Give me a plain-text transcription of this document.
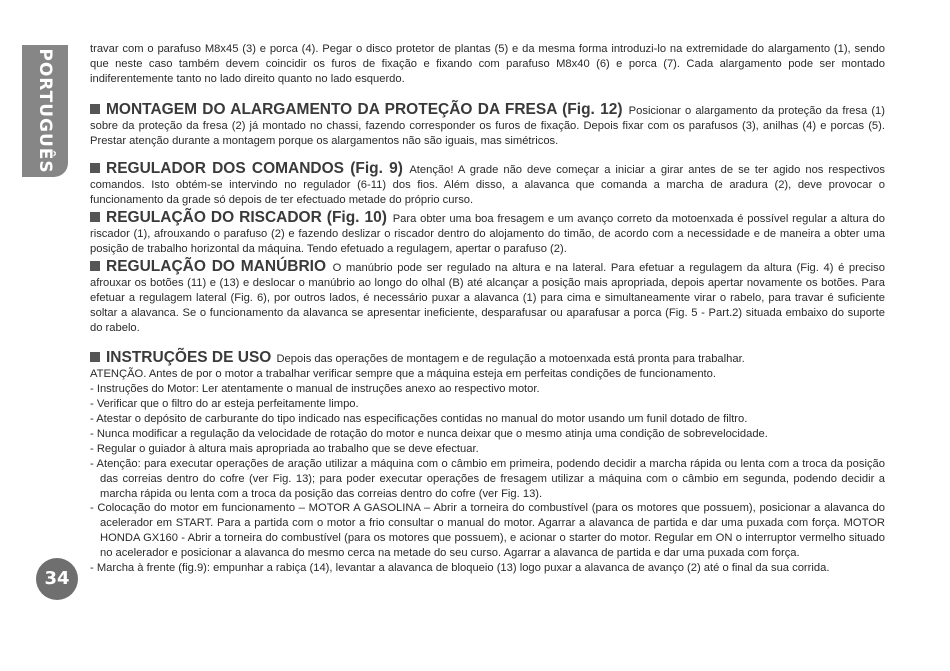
PORTUGUÊS
34

travar com o parafuso M8x45 (3) e porca (4). Pegar o disco protetor de plantas (5) e da mesma forma introduzi-lo na extremidade do alargamento (1), sendo que neste caso também devem coincidir os furos de fixação e fixando com parafuso M8x40 (6) e porca (7). Cada alargamento pode ser montado indiferentemente tanto no lado direito quanto no lado esquerdo.

MONTAGEM DO ALARGAMENTO DA PROTEÇÃO DA FRESA (Fig. 12) Posicionar o alargamento da proteção da fresa (1) sobre da proteção da fresa (2) já montado no chassi, fazendo corresponder os furos de fixação. Depois fixar com os parafusos (3), anilhas (4) e porcas (5). Prestar atenção durante a montagem porque os alargamentos não são iguais, mas simétricos.

REGULADOR DOS COMANDOS (Fig. 9) Atenção! A grade não deve começar a iniciar a girar antes de se ter agido nos respectivos comandos. Isto obtém-se intervindo no regulador (6-11) dos fios. Além disso, a alavanca que comanda a marcha de aradura (2), deve provocar o funcionamento da grade só depois de ter efectuado metade do próprio curso.

REGULAÇÃO DO RISCADOR (Fig. 10) Para obter uma boa fresagem e um avanço correto da motoenxada é possível regular a altura do riscador (1), afrouxando o parafuso (2) e fazendo deslizar o riscador dentro do alojamento do timão, de acordo com a necessidade e de maneira a obter uma posição de trabalho horizontal da máquina. Tendo efetuado a regulagem, apertar o parafuso (2).

REGULAÇÃO DO MANÚBRIO O manúbrio pode ser regulado na altura e na lateral. Para efetuar a regulagem da altura (Fig. 4) é preciso afrouxar os botões (11) e (13) e deslocar o manúbrio ao longo do olhal (B) até alcançar a posição mais apropriada, depois apertar novamente os botões. Para efetuar a regulagem lateral (Fig. 6), por outros lados, é necessário puxar a alavanca (1) para cima e simultaneamente virar o rabelo, para travar é suficiente soltar a alavanca. Se o funcionamento da alavanca se apresentar ineficiente, desparafusar ou aparafusar a porca (Fig. 5 - Part.2) situada embaixo do suporte do rabelo.

INSTRUÇÕES DE USO Depois das operações de montagem e de regulação a motoenxada está pronta para trabalhar.

ATENÇÃO. Antes de por o motor a trabalhar verificar sempre que a máquina esteja em perfeitas condições de funcionamento.

- Instruções do Motor: Ler atentamente o manual de instruções anexo ao respectivo motor.

- Verificar que o filtro do ar esteja perfeitamente limpo.

- Atestar o depósito de carburante do tipo indicado nas especificações contidas no manual do motor usando um funil dotado de filtro.

- Nunca modificar a regulação da velocidade de rotação do motor e nunca deixar que o mesmo atinja uma condição de sobrevelocidade.

- Regular o guiador à altura mais apropriada ao trabalho que se deve efectuar.

- Atenção: para executar operações de aração utilizar a máquina com o câmbio em primeira, podendo decidir a marcha rápida ou lenta com a troca da posição das correias dentro do cofre (ver Fig. 13); para poder executar operações de fresagem utilizar a máquina com o câmbio em segunda, podendo decidir a marcha rápida ou lenta com a troca da posição das correias dentro do cofre (ver Fig. 13).

- Colocação do motor em funcionamento – MOTOR A GASOLINA – Abrir a torneira do combustível (para os motores que possuem), posicionar a alavanca do acelerador em START. Para a partida com o motor a frio consultar o manual do motor. Agarrar a alavanca de partida e dar uma puxada com força. MOTOR HONDA GX160 - Abrir a torneira do combustível (para os motores que possuem), e acionar o starter do motor. Regular em ON o interruptor vermelho situado no acelerador e posicionar a alavanca do mesmo cerca na metade do seu curso. Agarrar a alavanca de partida e dar uma puxada com força.

- Marcha à frente (fig.9): empunhar a rabiça (14), levantar a alavanca de bloqueio (13) logo puxar a alavanca de avanço (2) até o final da sua corrida.
